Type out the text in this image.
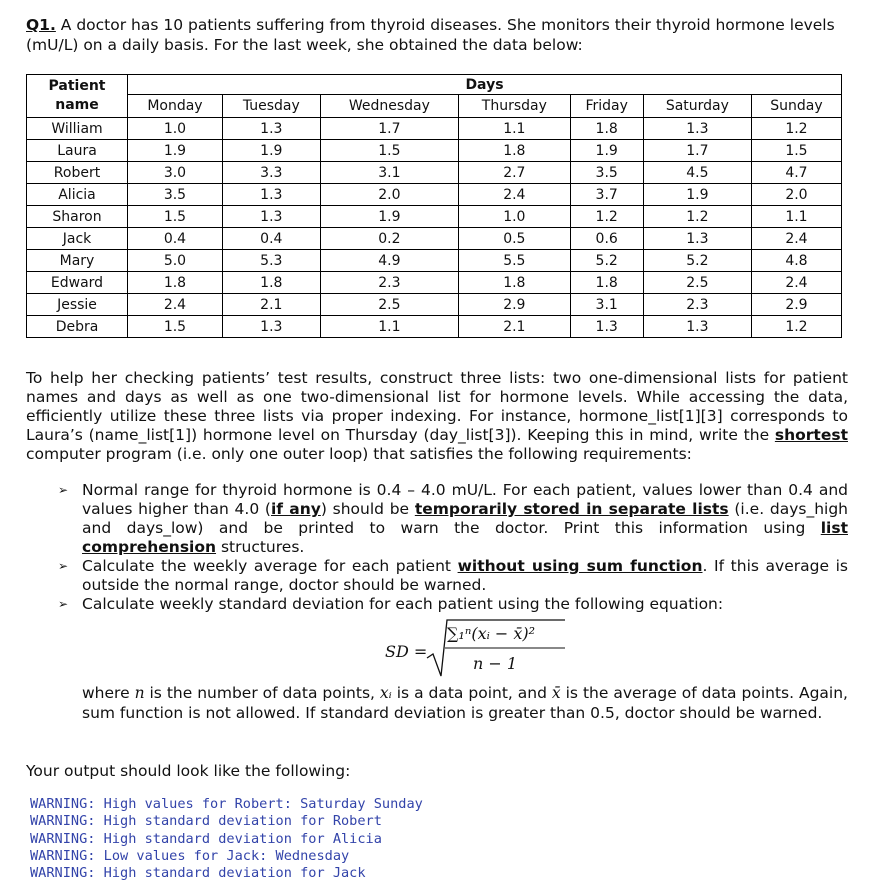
Q1. A doctor has 10 patients suffering from thyroid diseases. She monitors their thyroid hormone levels (mU/L) on a daily basis. For the last week, she obtained the data below:
Patient
name	Days						
	Monday	Tuesday	Wednesday	Thursday	Friday	Saturday	Sunday
William	1.0	1.3	1.7	1.1	1.8	1.3	1.2
Laura	1.9	1.9	1.5	1.8	1.9	1.7	1.5
Robert	3.0	3.3	3.1	2.7	3.5	4.5	4.7
Alicia	3.5	1.3	2.0	2.4	3.7	1.9	2.0
Sharon	1.5	1.3	1.9	1.0	1.2	1.2	1.1
Jack	0.4	0.4	0.2	0.5	0.6	1.3	2.4
Mary	5.0	5.3	4.9	5.5	5.2	5.2	4.8
Edward	1.8	1.8	2.3	1.8	1.8	2.5	2.4
Jessie	2.4	2.1	2.5	2.9	3.1	2.3	2.9
Debra	1.5	1.3	1.1	2.1	1.3	1.3	1.2
To help her checking patients’ test results, construct three lists: two one-dimensional lists for patient names and days as well as one two-dimensional list for hormone levels. While accessing the data, efficiently utilize these three lists via proper indexing. For instance, hormone_list[1][3] corresponds to Laura’s (name_list[1]) hormone level on Thursday (day_list[3]). Keeping this in mind, write the shortest computer program (i.e. only one outer loop) that satisfies the following requirements:
➢ Normal range for thyroid hormone is 0.4 – 4.0 mU/L. For each patient, values lower than 0.4 and values higher than 4.0 (if any) should be temporarily stored in separate lists (i.e. days_high and days_low) and be printed to warn the doctor. Print this information using list comprehension structures.
➢ Calculate the weekly average for each patient without using sum function. If this average is outside the normal range, doctor should be warned.
➢ Calculate weekly standard deviation for each patient using the following equation:
SD =
∑₁ⁿ(xᵢ − x̄)²
n − 1
where n is the number of data points, xᵢ is a data point, and x̄ is the average of data points. Again, sum function is not allowed. If standard deviation is greater than 0.5, doctor should be warned.
Your output should look like the following:
WARNING: High values for Robert: Saturday Sunday
WARNING: High standard deviation for Robert
WARNING: High standard deviation for Alicia
WARNING: Low values for Jack: Wednesday
WARNING: High standard deviation for Jack
